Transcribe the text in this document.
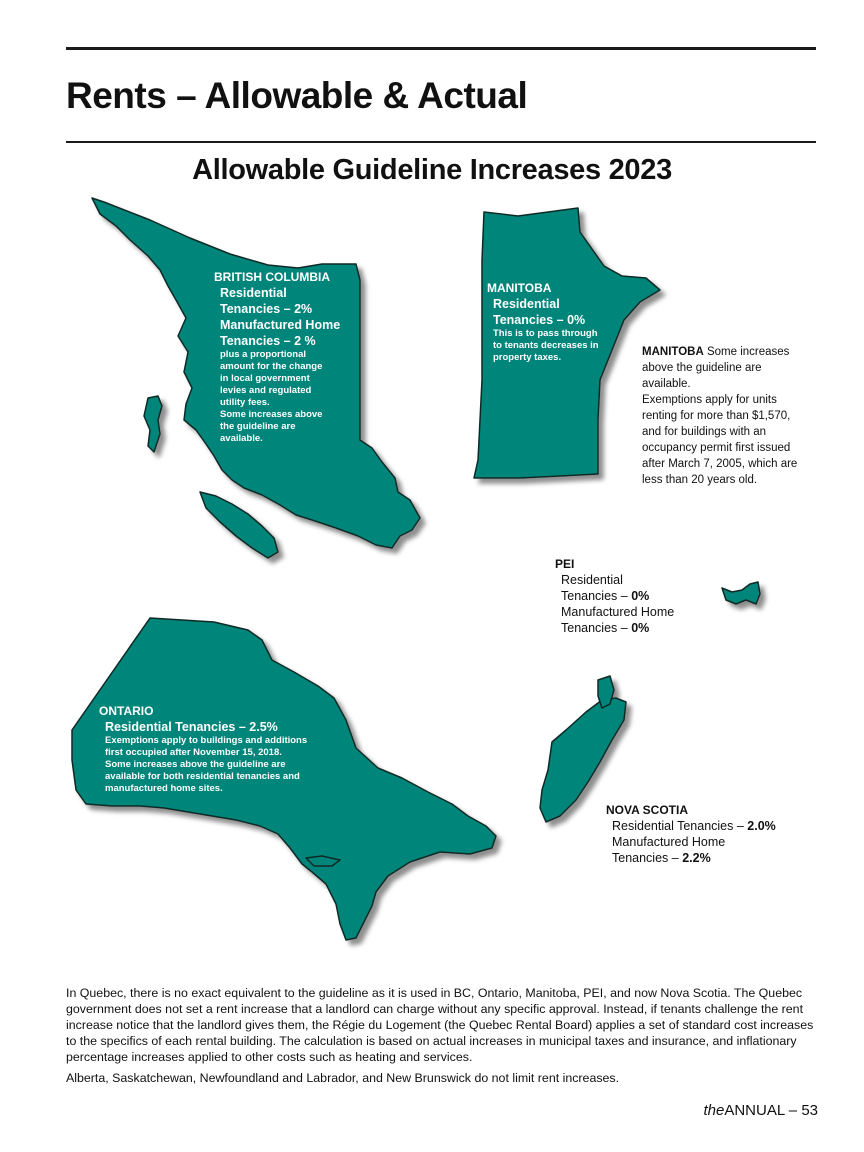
Rents – Allowable & Actual
Allowable Guideline Increases 2023
BRITISH COLUMBIA
Residential
Tenancies – 2%
Manufactured Home
Tenancies – 2 %
plus a proportional
amount for the change
in local government
levies and regulated
utility fees.
Some increases above
the guideline are
available.
MANITOBA
Residential
Tenancies – 0%
This is to pass through
to tenants decreases in
property taxes.	MANITOBA Some increases
above the guideline are
available.
Exemptions apply for units
renting for more than $1,570,
and for buildings with an
occupancy permit first issued
after March 7, 2005, which are
less than 20 years old.
PEI
Residential
Tenancies – 0%
Manufactured Home
Tenancies – 0%
ONTARIO
Residential Tenancies – 2.5%
Exemptions apply to buildings and additions
first occupied after November 15, 2018.
Some increases above the guideline are
available for both residential tenancies and
manufactured home sites.
NOVA SCOTIA
Residential Tenancies – 2.0%
Manufactured Home
Tenancies – 2.2%

In Quebec, there is no exact equivalent to the guideline as it is used in BC, Ontario, Manitoba, PEI, and now Nova Scotia. The Quebec government does not set a rent increase that a landlord can charge without any specific approval. Instead, if tenants challenge the rent increase notice that the landlord gives them, the Régie du Logement (the Quebec Rental Board) applies a set of standard cost increases to the specifics of each rental building. The calculation is based on actual increases in municipal taxes and insurance, and inflationary percentage increases applied to other costs such as heating and services.

Alberta, Saskatchewan, Newfoundland and Labrador, and New Brunswick do not limit rent increases.

theANNUAL – 53
